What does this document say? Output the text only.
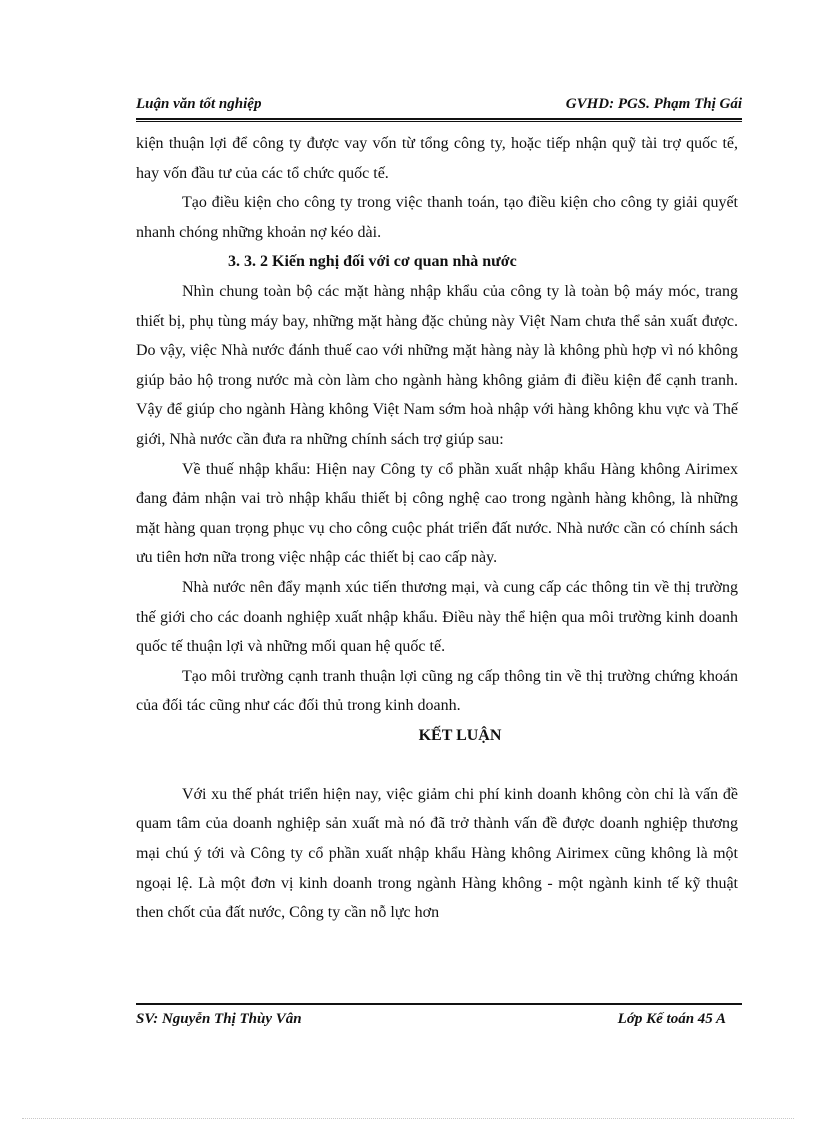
Luận văn tốt nghiệp	GVHD: PGS. Phạm Thị Gái

kiện thuận lợi để công ty được vay vốn từ tổng công ty, hoặc tiếp nhận quỹ tài trợ quốc tế, hay vốn đầu tư của các tổ chức quốc tế.

Tạo điều kiện cho công ty trong việc thanh toán, tạo điều kiện cho công ty giải quyết nhanh chóng những khoản nợ kéo dài.

3. 3. 2 Kiến nghị đối với cơ quan nhà nước

Nhìn chung toàn bộ các mặt hàng nhập khẩu của công ty là toàn bộ máy móc, trang thiết bị, phụ tùng máy bay, những mặt hàng đặc chủng này Việt Nam chưa thể sản xuất được. Do vậy, việc Nhà nước đánh thuế cao với những mặt hàng này là không phù hợp vì nó không giúp bảo hộ trong nước mà còn làm cho ngành hàng không giảm đi điều kiện để cạnh tranh. Vậy để giúp cho ngành Hàng không Việt Nam sớm hoà nhập với hàng không khu vực và Thế giới, Nhà nước cần đưa ra những chính sách trợ giúp sau:

Về thuế nhập khẩu: Hiện nay Công ty cổ phần xuất nhập khẩu Hàng không Airimex đang đảm nhận vai trò nhập khẩu thiết bị công nghệ cao trong ngành hàng không, là những mặt hàng quan trọng phục vụ cho công cuộc phát triển đất nước. Nhà nước cần có chính sách ưu tiên hơn nữa trong việc nhập các thiết bị cao cấp này.

Nhà nước nên đẩy mạnh xúc tiến thương mại, và cung cấp các thông tin về thị trường thế giới cho các doanh nghiệp xuất nhập khẩu. Điều này thể hiện qua môi trường kinh doanh quốc tế thuận lợi và những mối quan hệ quốc tế.

Tạo môi trường cạnh tranh thuận lợi cũng ng cấp thông tin về thị trường chứng khoán của đối tác cũng như các đối thủ trong kinh doanh.

KẾT LUẬN

Với xu thế phát triển hiện nay, việc giảm chi phí kinh doanh không còn chỉ là vấn đề quam tâm của doanh nghiệp sản xuất mà nó đã trở thành vấn đề được doanh nghiệp thương mại chú ý tới và Công ty cổ phần xuất nhập khẩu Hàng không Airimex cũng không là một ngoại lệ. Là một đơn vị kinh doanh trong ngành Hàng không - một ngành kinh tế kỹ thuật then chốt của đất nước, Công ty cần nỗ lực hơn

SV: Nguyễn Thị Thùy Vân	Lớp Kế toán 45 A
